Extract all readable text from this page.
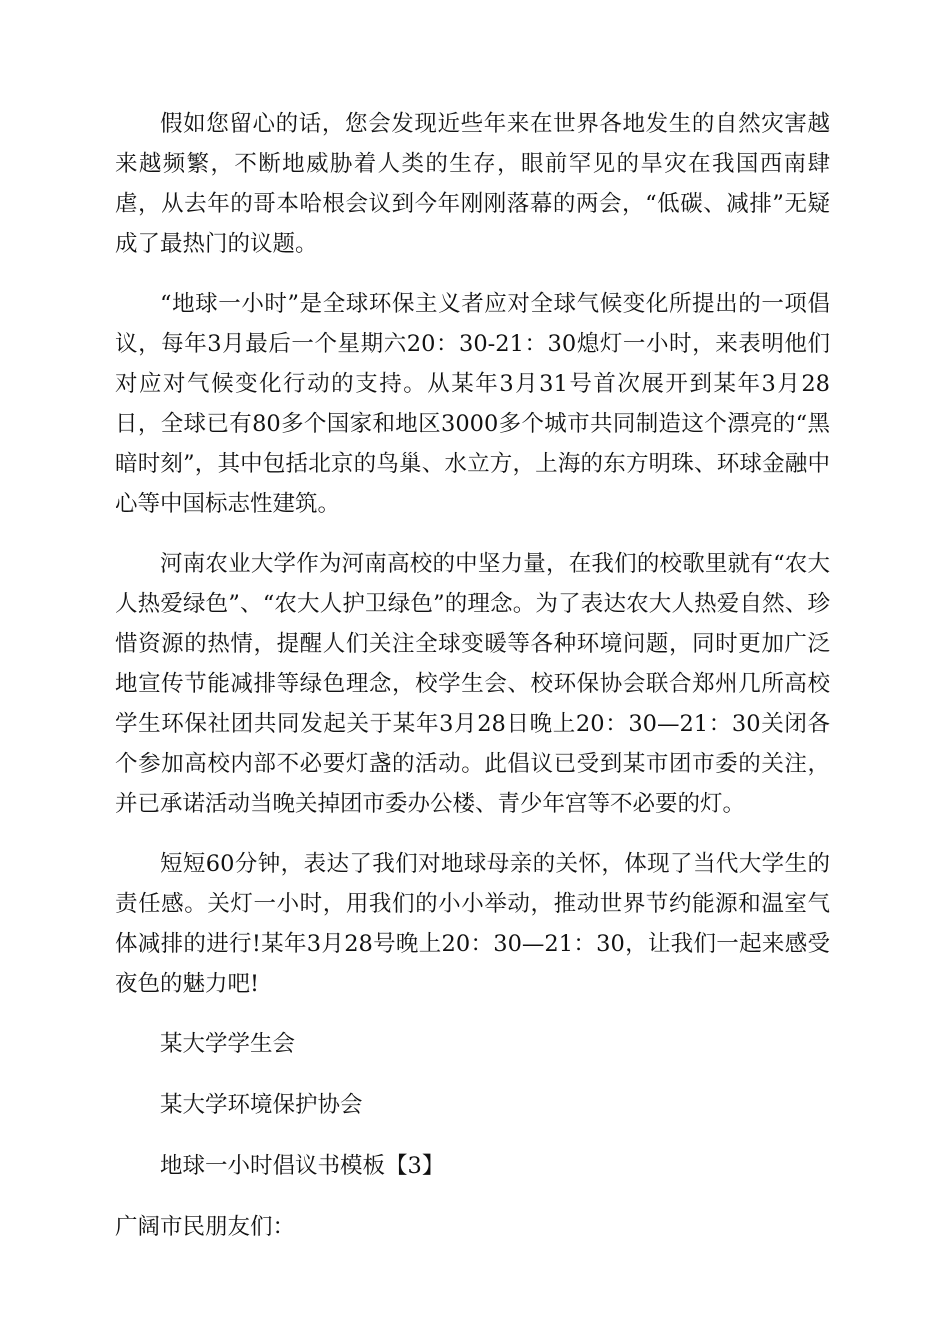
假如您留心的话，您会发现近些年来在世界各地发生的自然灾害越来越频繁，不断地威胁着人类的生存，眼前罕见的旱灾在我国西南肆虐，从去年的哥本哈根会议到今年刚刚落幕的两会，“低碳、减排”无疑成了最热门的议题。

“地球一小时”是全球环保主义者应对全球气候变化所提出的一项倡议，每年3月最后一个星期六20：30-21：30熄灯一小时，来表明他们对应对气候变化行动的支持。从某年3月31号首次展开到某年3月28日，全球已有80多个国家和地区3000多个城市共同制造这个漂亮的“黑暗时刻”，其中包括北京的鸟巢、水立方，上海的东方明珠、环球金融中心等中国标志性建筑。

河南农业大学作为河南高校的中坚力量，在我们的校歌里就有“农大人热爱绿色”、“农大人护卫绿色”的理念。为了表达农大人热爱自然、珍惜资源的热情，提醒人们关注全球变暖等各种环境问题，同时更加广泛地宣传节能减排等绿色理念，校学生会、校环保协会联合郑州几所高校学生环保社团共同发起关于某年3月28日晚上20：30—21：30关闭各个参加高校内部不必要灯盏的活动。此倡议已受到某市团市委的关注，并已承诺活动当晚关掉团市委办公楼、青少年宫等不必要的灯。

短短60分钟，表达了我们对地球母亲的关怀，体现了当代大学生的责任感。关灯一小时，用我们的小小举动，推动世界节约能源和温室气体减排的进行!某年3月28号晚上20：30—21：30，让我们一起来感受夜色的魅力吧!

某大学学生会

某大学环境保护协会

地球一小时倡议书模板【3】

广阔市民朋友们：
